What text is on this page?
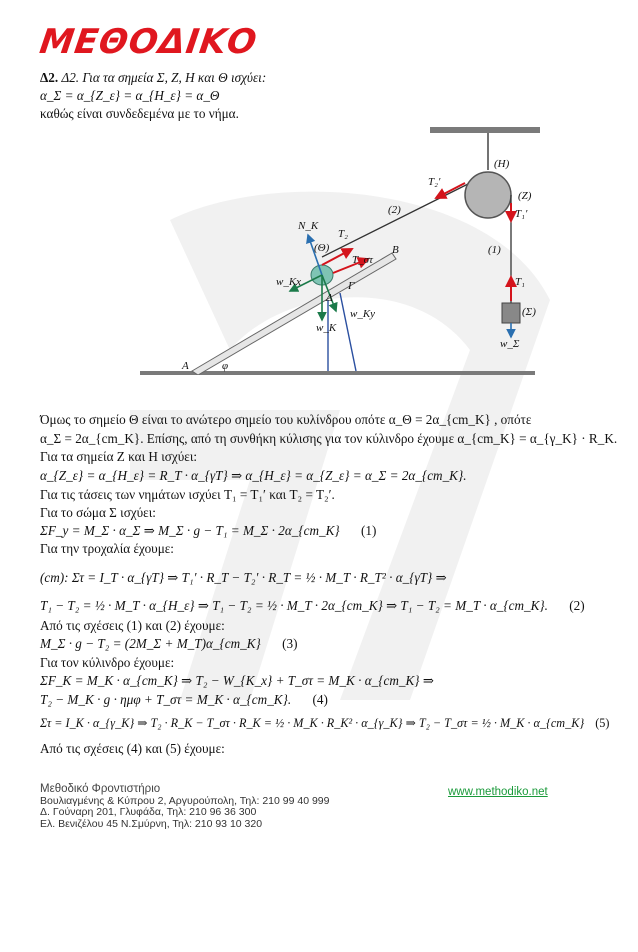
ΜΕΘΟΔΙΚΟ
Δ2. Δ2. Για τα σημεία Σ, Ζ, Η και Θ ισχύει:
α_Σ = α_{Z_ε} = α_{H_ε} = α_Θ
καθώς είναι συνδεδεμένα με το νήμα.
(Η)
(Ζ)
T₂′
T₁′
(2)
(1)
T₁
(Σ)
w_Σ
N_K
T₂
(Θ)
T_στ
B
w_Kx
Δ
Γ
w_Ky
w_K
A	φ
Όμως το σημείο Θ είναι το ανώτερο σημείο του κυλίνδρου οπότε α_Θ = 2α_{cm_K} , οπότε
α_Σ = 2α_{cm_K}. Επίσης, από τη συνθήκη κύλισης για τον κύλινδρο έχουμε α_{cm_K} = α_{γ_K} · R_K.
Για τα σημεία Ζ και Η ισχύει:
α_{Z_ε} = α_{H_ε} = R_T · α_{γT} ⇒ α_{H_ε} = α_{Z_ε} = α_Σ = 2α_{cm_K}.
Για τις τάσεις των νημάτων ισχύει T₁ = T₁′ και T₂ = T₂′.
Για το σώμα Σ ισχύει:
ΣF_y = M_Σ · α_Σ ⇒ M_Σ · g − T₁ = M_Σ · 2α_{cm_K} (1)
Για την τροχαλία έχουμε:
(cm): Στ = I_T · α_{γT} ⇒ T₁′ · R_T − T₂′ · R_T = ½ · M_T · R_T² · α_{γT} ⇒
T₁ − T₂ = ½ · M_T · α_{H_ε} ⇒ T₁ − T₂ = ½ · M_T · 2α_{cm_K} ⇒ T₁ − T₂ = M_T · α_{cm_K}. (2)
Από τις σχέσεις (1) και (2) έχουμε:
M_Σ · g − T₂ = (2M_Σ + M_T)α_{cm_K} (3)
Για τον κύλινδρο έχουμε:
ΣF_K = M_K · α_{cm_K} ⇒ T₂ − W_{K_x} + T_στ = M_K · α_{cm_K} ⇒
T₂ − M_K · g · ημφ + T_στ = M_K · α_{cm_K}. (4)
Στ = I_K · α_{γ_K} ⇒ T₂ · R_K − T_στ · R_K = ½ · M_K · R_K² · α_{γ_K} ⇒ T₂ − T_στ = ½ · M_K · α_{cm_K} (5)
Από τις σχέσεις (4) και (5) έχουμε:
Μεθοδικό Φροντιστήριο
Βουλιαγμένης & Κύπρου 2, Αργυρούπολη, Τηλ: 210 99 40 999
Δ. Γούναρη 201, Γλυφάδα, Τηλ: 210 96 36 300
Ελ. Βενιζέλου 45 Ν.Σμύρνη, Τηλ: 210 93 10 320
www.methodiko.net
